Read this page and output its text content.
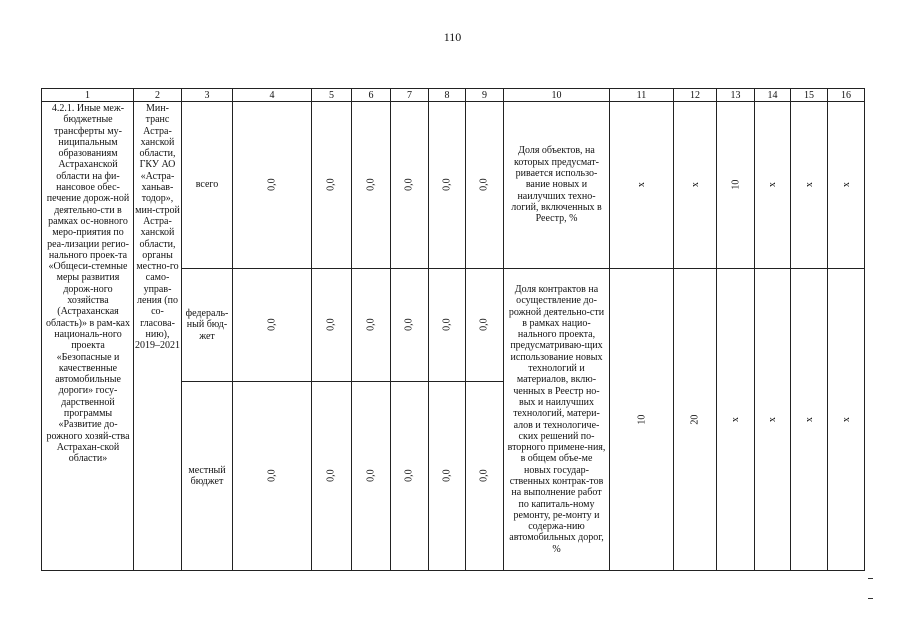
110
1	2	3	4	5	6	7	8	9	10	11	12	13	14	15	16
4.2.1. Иные меж-бюджетные трансферты му-ниципальным образованиям Астраханской области на фи-нансовое обес-печение дорож-ной деятельно-сти в рамках ос-новного меро-приятия по реа-лизации регио-нального проек-та «Общеси-стемные меры развития дорож-ного хозяйства (Астраханская область)» в рам-ках националь-ного проекта «Безопасные и качественные автомобильные дороги» госу-дарственной программы «Развитие до-рожного хозяй-ства Астрахан-ской области»	Мин-транс Астра-ханской области, ГКУ АО «Астра-ханьав-тодор», мин-строй Астра-ханской области, органы местно-го само-управ-ления (по со-гласова-нию), 2019–2021	всего	0,0	0,0	0,0	0,0	0,0	0,0	Доля объектов, на которых предусмат-ривается использо-вание новых и наилучших техно-логий, включенных в Реестр, %	х	х	10	х	х	х
		федераль-ный бюд-жет	0,0	0,0	0,0	0,0	0,0	0,0	Доля контрактов на осуществление до-рожной деятельно-сти в рамках нацио-нального проекта, предусматриваю-щих использование новых технологий и материалов, вклю-ченных в Реестр но-вых и наилучших технологий, матери-алов и технологиче-ских решений по-вторного примене-ния, в общем объе-ме новых государ-ственных контрак-тов на выполнение работ по капиталь-ному ремонту, ре-монту и содержа-нию автомобильных дорог, %	10	20	х	х	х	х
		местный бюджет	0,0	0,0	0,0	0,0	0,0	0,0							
